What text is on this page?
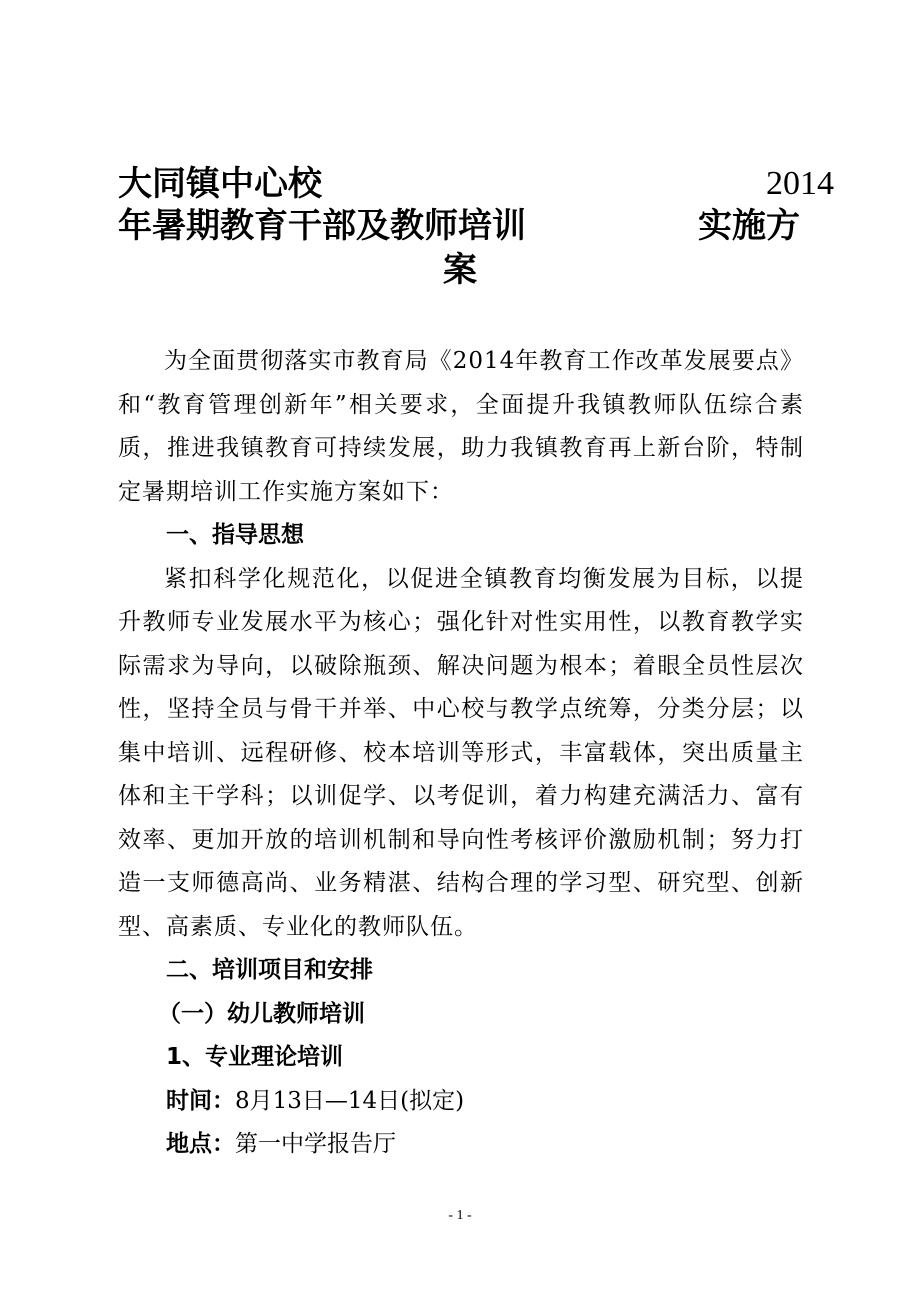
大同镇中心校	2014
年暑期教育干部及教师培训	实施方
案

为全面贯彻落实市教育局《2014年教育工作改革发展要点》和“教育管理创新年”相关要求，全面提升我镇教师队伍综合素质，推进我镇教育可持续发展，助力我镇教育再上新台阶，特制定暑期培训工作实施方案如下：

一、指导思想

紧扣科学化规范化，以促进全镇教育均衡发展为目标，以提升教师专业发展水平为核心；强化针对性实用性，以教育教学实际需求为导向，以破除瓶颈、解决问题为根本；着眼全员性层次性，坚持全员与骨干并举、中心校与教学点统筹，分类分层；以集中培训、远程研修、校本培训等形式，丰富载体，突出质量主体和主干学科；以训促学、以考促训，着力构建充满活力、富有效率、更加开放的培训机制和导向性考核评价激励机制；努力打造一支师德高尚、业务精湛、结构合理的学习型、研究型、创新型、高素质、专业化的教师队伍。

二、培训项目和安排

（一）幼儿教师培训

1、专业理论培训

时间：8月13日—14日(拟定)

地点：第一中学报告厅

- 1 -
